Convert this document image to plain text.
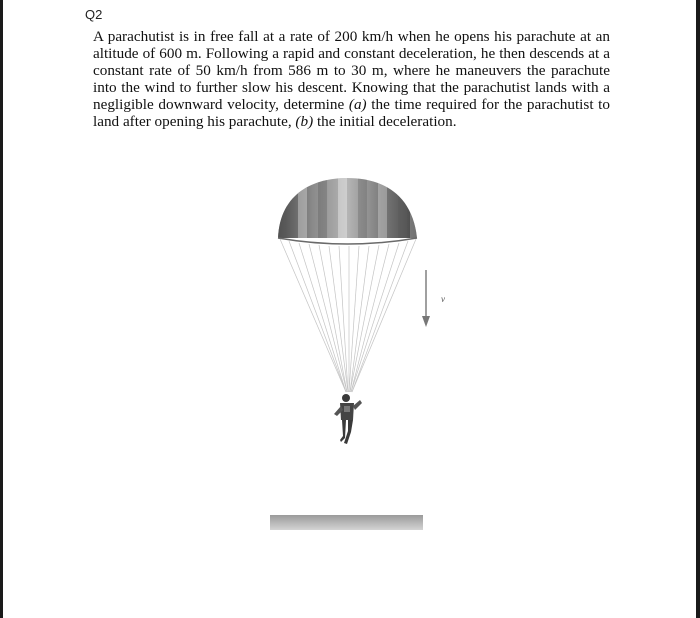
Q2

A parachutist is in free fall at a rate of 200 km/h when he opens his parachute at an altitude of 600 m. Following a rapid and constant deceleration, he then descends at a constant rate of 50 km/h from 586 m to 30 m, where he maneuvers the parachute into the wind to further slow his descent. Knowing that the parachutist lands with a negligible downward velocity, determine (a) the time required for the parachutist to land after opening his parachute, (b) the initial deceleration.

v
